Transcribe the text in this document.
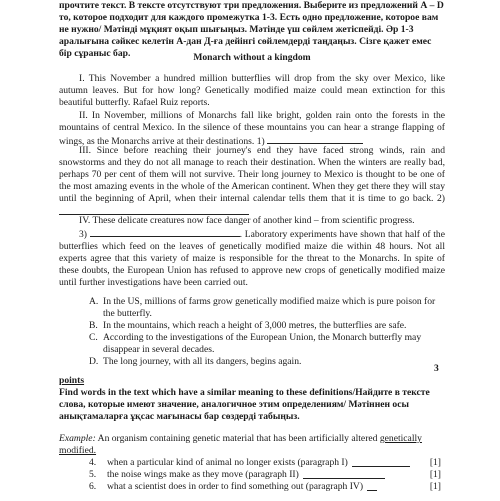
прочтите текст. В тексте отсутствуют три предложения. Выберите из предложений А – D то, которое подходит для каждого промежутка 1-3. Есть одно предложение, которое вам не нужно/ Мәтінді мұқият оқып шығыңыз. Мәтінде үш сөйлем жетіспейді. Әр 1-3 аралығына сәйкес келетін А-дан Д-ға дейінгі сөйлемдерді таңдаңыз. Сізге қажет емес бір сұраныс бар.	Monarch without a kingdom
I. This November a hundred million butterflies will drop from the sky over Mexico, like autumn leaves. But for how long? Genetically modified maize could mean extinction for this beautiful butterfly. Rafael Ruiz reports.
II. In November, millions of Monarchs fall like bright, golden rain onto the forests in the mountains of central Mexico. In the silence of these mountains you can hear a strange flapping of wings, as the Monarchs arrive at their destinations. 1)
III. Since before reaching their journey's end they have faced strong winds, rain and snowstorms and they do not all manage to reach their destination. When the winters are really bad, perhaps 70 per cent of them will not survive. Their long journey to Mexico is thought to be one of the most amazing events in the whole of the American continent. When they get there they will stay until the beginning of April, when their internal calendar tells them that it is time to go back. 2)
IV. These delicate creatures now face danger of another kind – from scientific progress.
3)	. Laboratory experiments have shown that half of the butterflies which feed on the leaves of genetically modified maize die within 48 hours. Not all experts agree that this variety of maize is responsible for the threat to the Monarchs. In spite of these doubts, the European Union has refused to approve new crops of genetically modified maize until further investigations have been carried out.
A. In the US, millions of farms grow genetically modified maize which is pure poison for the butterfly.
B. In the mountains, which reach a height of 3,000 metres, the butterflies are safe.
C. According to the investigations of the European Union, the Monarch butterfly may disappear in several decades.
D. The long journey, with all its dangers, begins again.
3
points
Find words in the text which have a similar meaning to these definitions/Найдите в тексте слова, которые имеют значение, аналогичное этим определениям/ Мәтіннен осы анықтамаларға ұқсас мағынасы бар сөздерді табыңыз.
Example: An organism containing genetic material that has been artificially altered genetically modified.
4.	when a particular kind of animal no longer exists (paragraph I)	[1]
5.	the noise wings make as they move (paragraph II)	[1]
6.	what a scientist does in order to find something out (paragraph IV)	[1]
